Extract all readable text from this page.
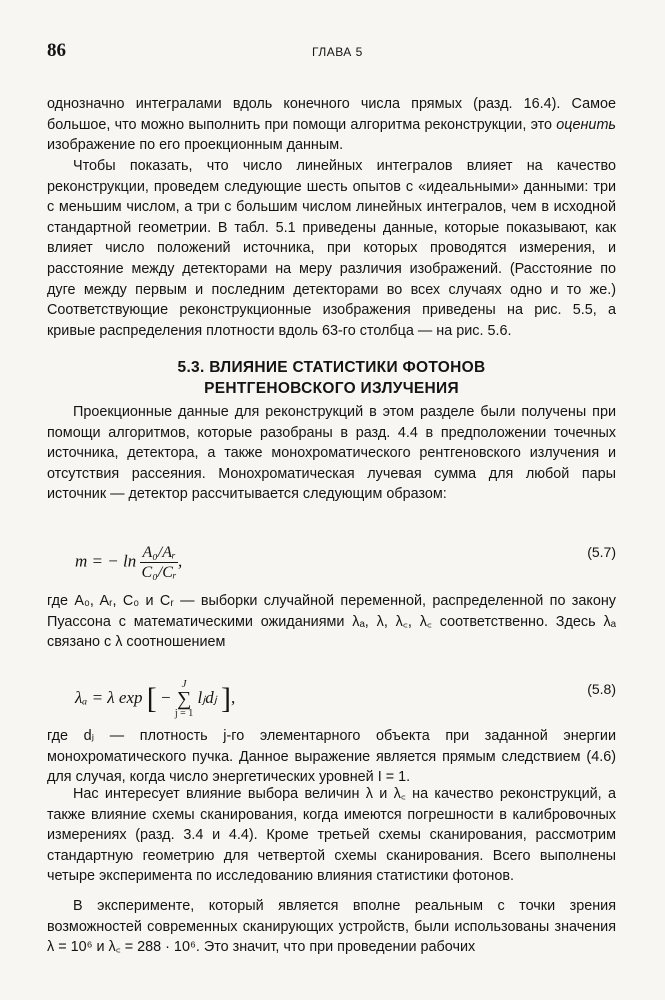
86	ГЛАВА 5

однозначно интегралами вдоль конечного числа прямых (разд. 16.4). Самое большое, что можно выполнить при помощи алгоритма реконструкции, это оценить изображение по его проекционным данным.

Чтобы показать, что число линейных интегралов влияет на качество реконструкции, проведем следующие шесть опытов с «идеальными» данными: три с меньшим числом, а три с большим числом линейных интегралов, чем в исходной стандартной геометрии. В табл. 5.1 приведены данные, которые показывают, как влияет число положений источника, при которых проводятся измерения, и расстояние между детекторами на меру различия изображений. (Расстояние по дуге между первым и последним детекторами во всех случаях одно и то же.) Соответствующие реконструкционные изображения приведены на рис. 5.5, а кривые распределения плотности вдоль 63-го столбца — на рис. 5.6.

5.3. ВЛИЯНИЕ СТАТИСТИКИ ФОТОНОВ
РЕНТГЕНОВСКОГО ИЗЛУЧЕНИЯ

Проекционные данные для реконструкций в этом разделе были получены при помощи алгоритмов, которые разобраны в разд. 4.4 в предположении точечных источника, детектора, а также монохроматического рентгеновского излучения и отсутствия рассеяния. Монохроматическая лучевая сумма для любой пары источник — детектор рассчитывается следующим образом:

m = − $\ln \frac{\text{A₀/Aᵣ}}{\text{C₀/Cᵣ}}$ ,	(5.7)

где A₀, Aᵣ, C₀ и Cᵣ — выборки случайной переменной, распределенной по закону Пуассона с математическими ожиданиями λₐ, λ, λ꜀, λ꜀ соответственно. Здесь λₐ связано с λ соотношением

λₐ = λ exp [ −
J
∑
j = 1
lⱼdⱼ ],	(5.8)

где dⱼ — плотность j-го элементарного объекта при заданной энергии монохроматического пучка. Данное выражение является прямым следствием (4.6) для случая, когда число энергетических уровней I = 1.

Нас интересует влияние выбора величин λ и λ꜀ на качество реконструкций, а также влияние схемы сканирования, когда имеются погрешности в калибровочных измерениях (разд. 3.4 и 4.4). Кроме третьей схемы сканирования, рассмотрим стандартную геометрию для четвертой схемы сканирования. Всего выполнены четыре эксперимента по исследованию влияния статистики фотонов.

В эксперименте, который является вполне реальным с точки зрения возможностей современных сканирующих устройств, были использованы значения λ = 10⁶ и λ꜀ = 288 · 10⁶. Это значит, что при проведении рабочих
